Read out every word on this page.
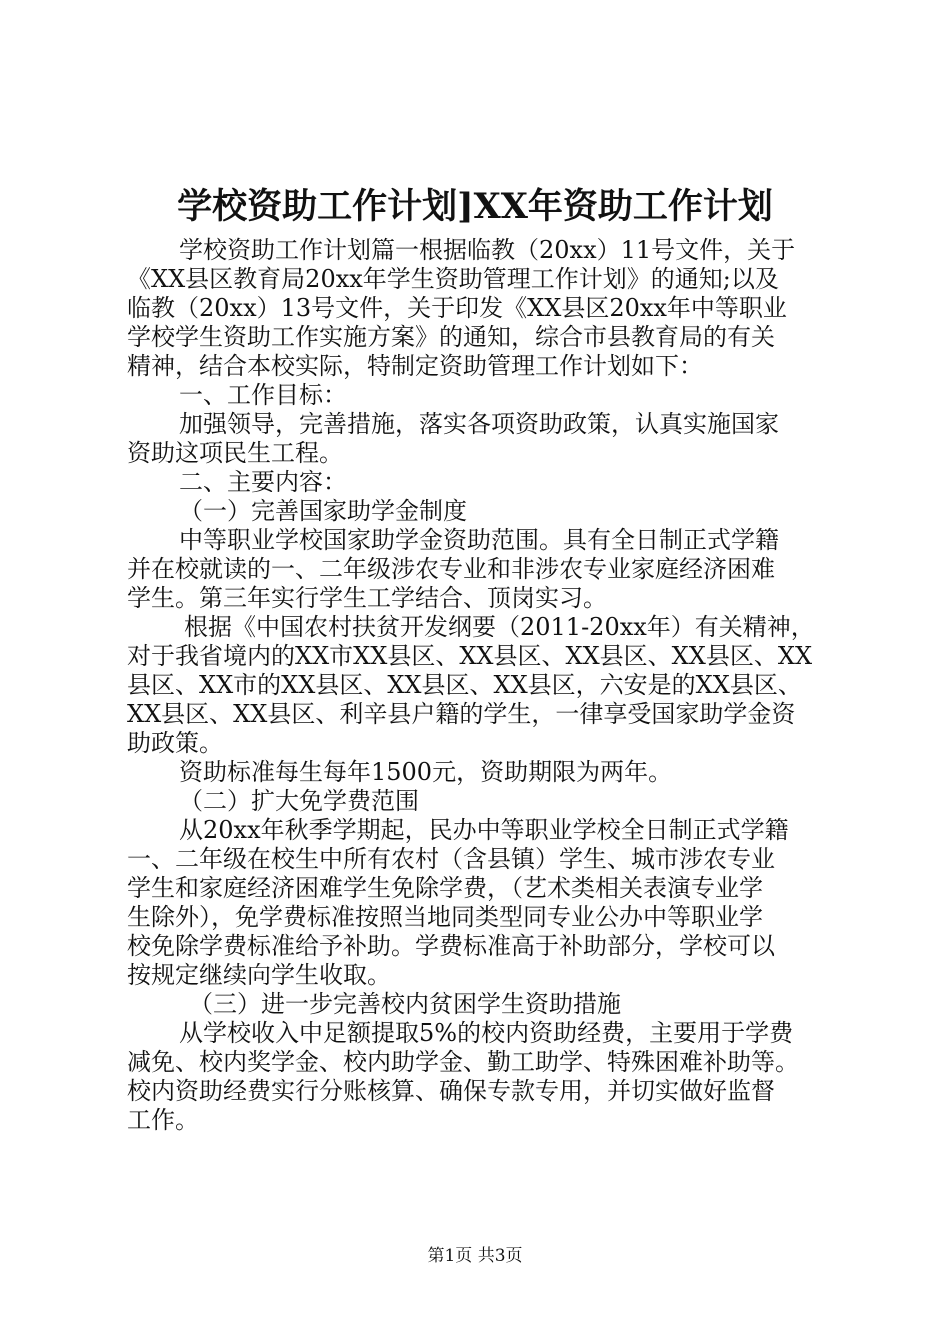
学校资助工作计划]XX年资助工作计划
学校资助工作计划篇一根据临教（20xx）11号文件，关于
《XX县区教育局20xx年学生资助管理工作计划》的通知;以及
临教（20xx）13号文件，关于印发《XX县区20xx年中等职业
学校学生资助工作实施方案》的通知，综合市县教育局的有关
精神，结合本校实际，特制定资助管理工作计划如下：
一、工作目标：
加强领导，完善措施，落实各项资助政策，认真实施国家
资助这项民生工程。
二、主要内容：
（一）完善国家助学金制度
中等职业学校国家助学金资助范围。具有全日制正式学籍
并在校就读的一、二年级涉农专业和非涉农专业家庭经济困难
学生。第三年实行学生工学结合、顶岗实习。
根据《中国农村扶贫开发纲要（2011-20xx年）有关精神，
对于我省境内的XX市XX县区、XX县区、XX县区、XX县区、XX
县区、XX市的XX县区、XX县区、XX县区，六安是的XX县区、
XX县区、XX县区、利辛县户籍的学生，一律享受国家助学金资
助政策。
资助标准每生每年1500元，资助期限为两年。
（二）扩大免学费范围
从20xx年秋季学期起，民办中等职业学校全日制正式学籍
一、二年级在校生中所有农村（含县镇）学生、城市涉农专业
学生和家庭经济困难学生免除学费，（艺术类相关表演专业学
生除外），免学费标准按照当地同类型同专业公办中等职业学
校免除学费标准给予补助。学费标准高于补助部分，学校可以
按规定继续向学生收取。
（三）进一步完善校内贫困学生资助措施
从学校收入中足额提取5%的校内资助经费，主要用于学费
减免、校内奖学金、校内助学金、勤工助学、特殊困难补助等。
校内资助经费实行分账核算、确保专款专用，并切实做好监督
工作。
第1页 共3页
